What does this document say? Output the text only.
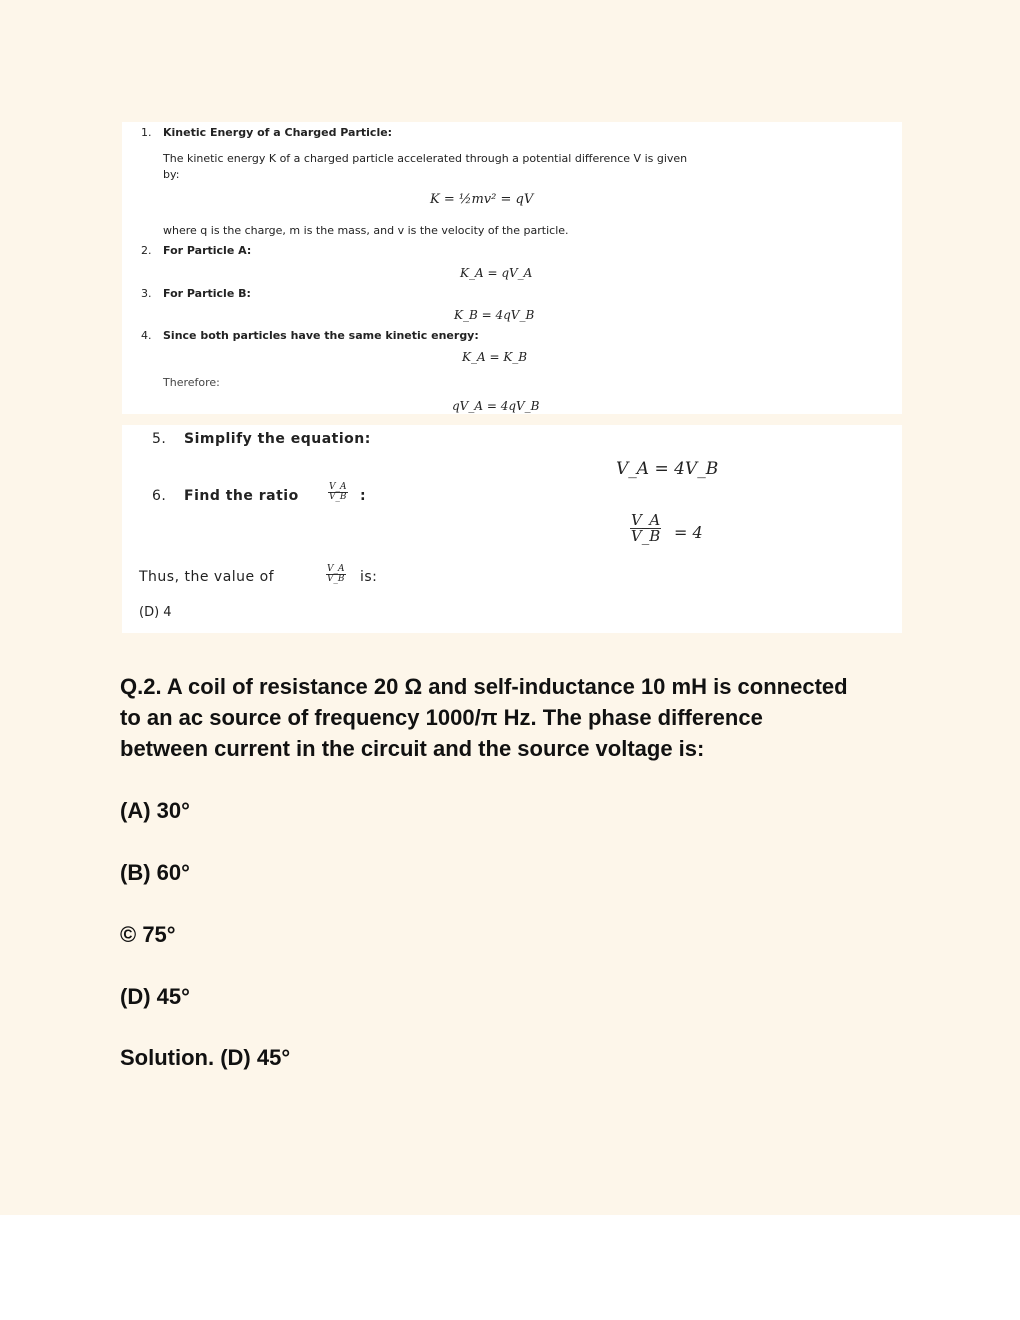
1. Kinetic Energy of a Charged Particle:
The kinetic energy K of a charged particle accelerated through a potential difference V is given
by:
K = ½mv² = qV
where q is the charge, m is the mass, and v is the velocity of the particle.
2. For Particle A:
K_A = qV_A
3. For Particle B:
K_B = 4qV_B
4. Since both particles have the same kinetic energy:
K_A = K_B
Therefore:
qV_A = 4qV_B
5. Simplify the equation:
V_A = 4V_B
6. Find the ratio	$\frac{V\_A}{V\_B}$ :
$\frac{V\_A}{V\_B} = 4$
Thus, the value of	$\frac{V\_A}{V\_B}$ is:
(D) 4
Q.2. A coil of resistance 20 Ω and self-inductance 10 mH is connected
to an ac source of frequency 1000/π Hz. The phase difference
between current in the circuit and the source voltage is:
(A) 30°
(B) 60°
© 75°
(D) 45°
Solution. (D) 45°
